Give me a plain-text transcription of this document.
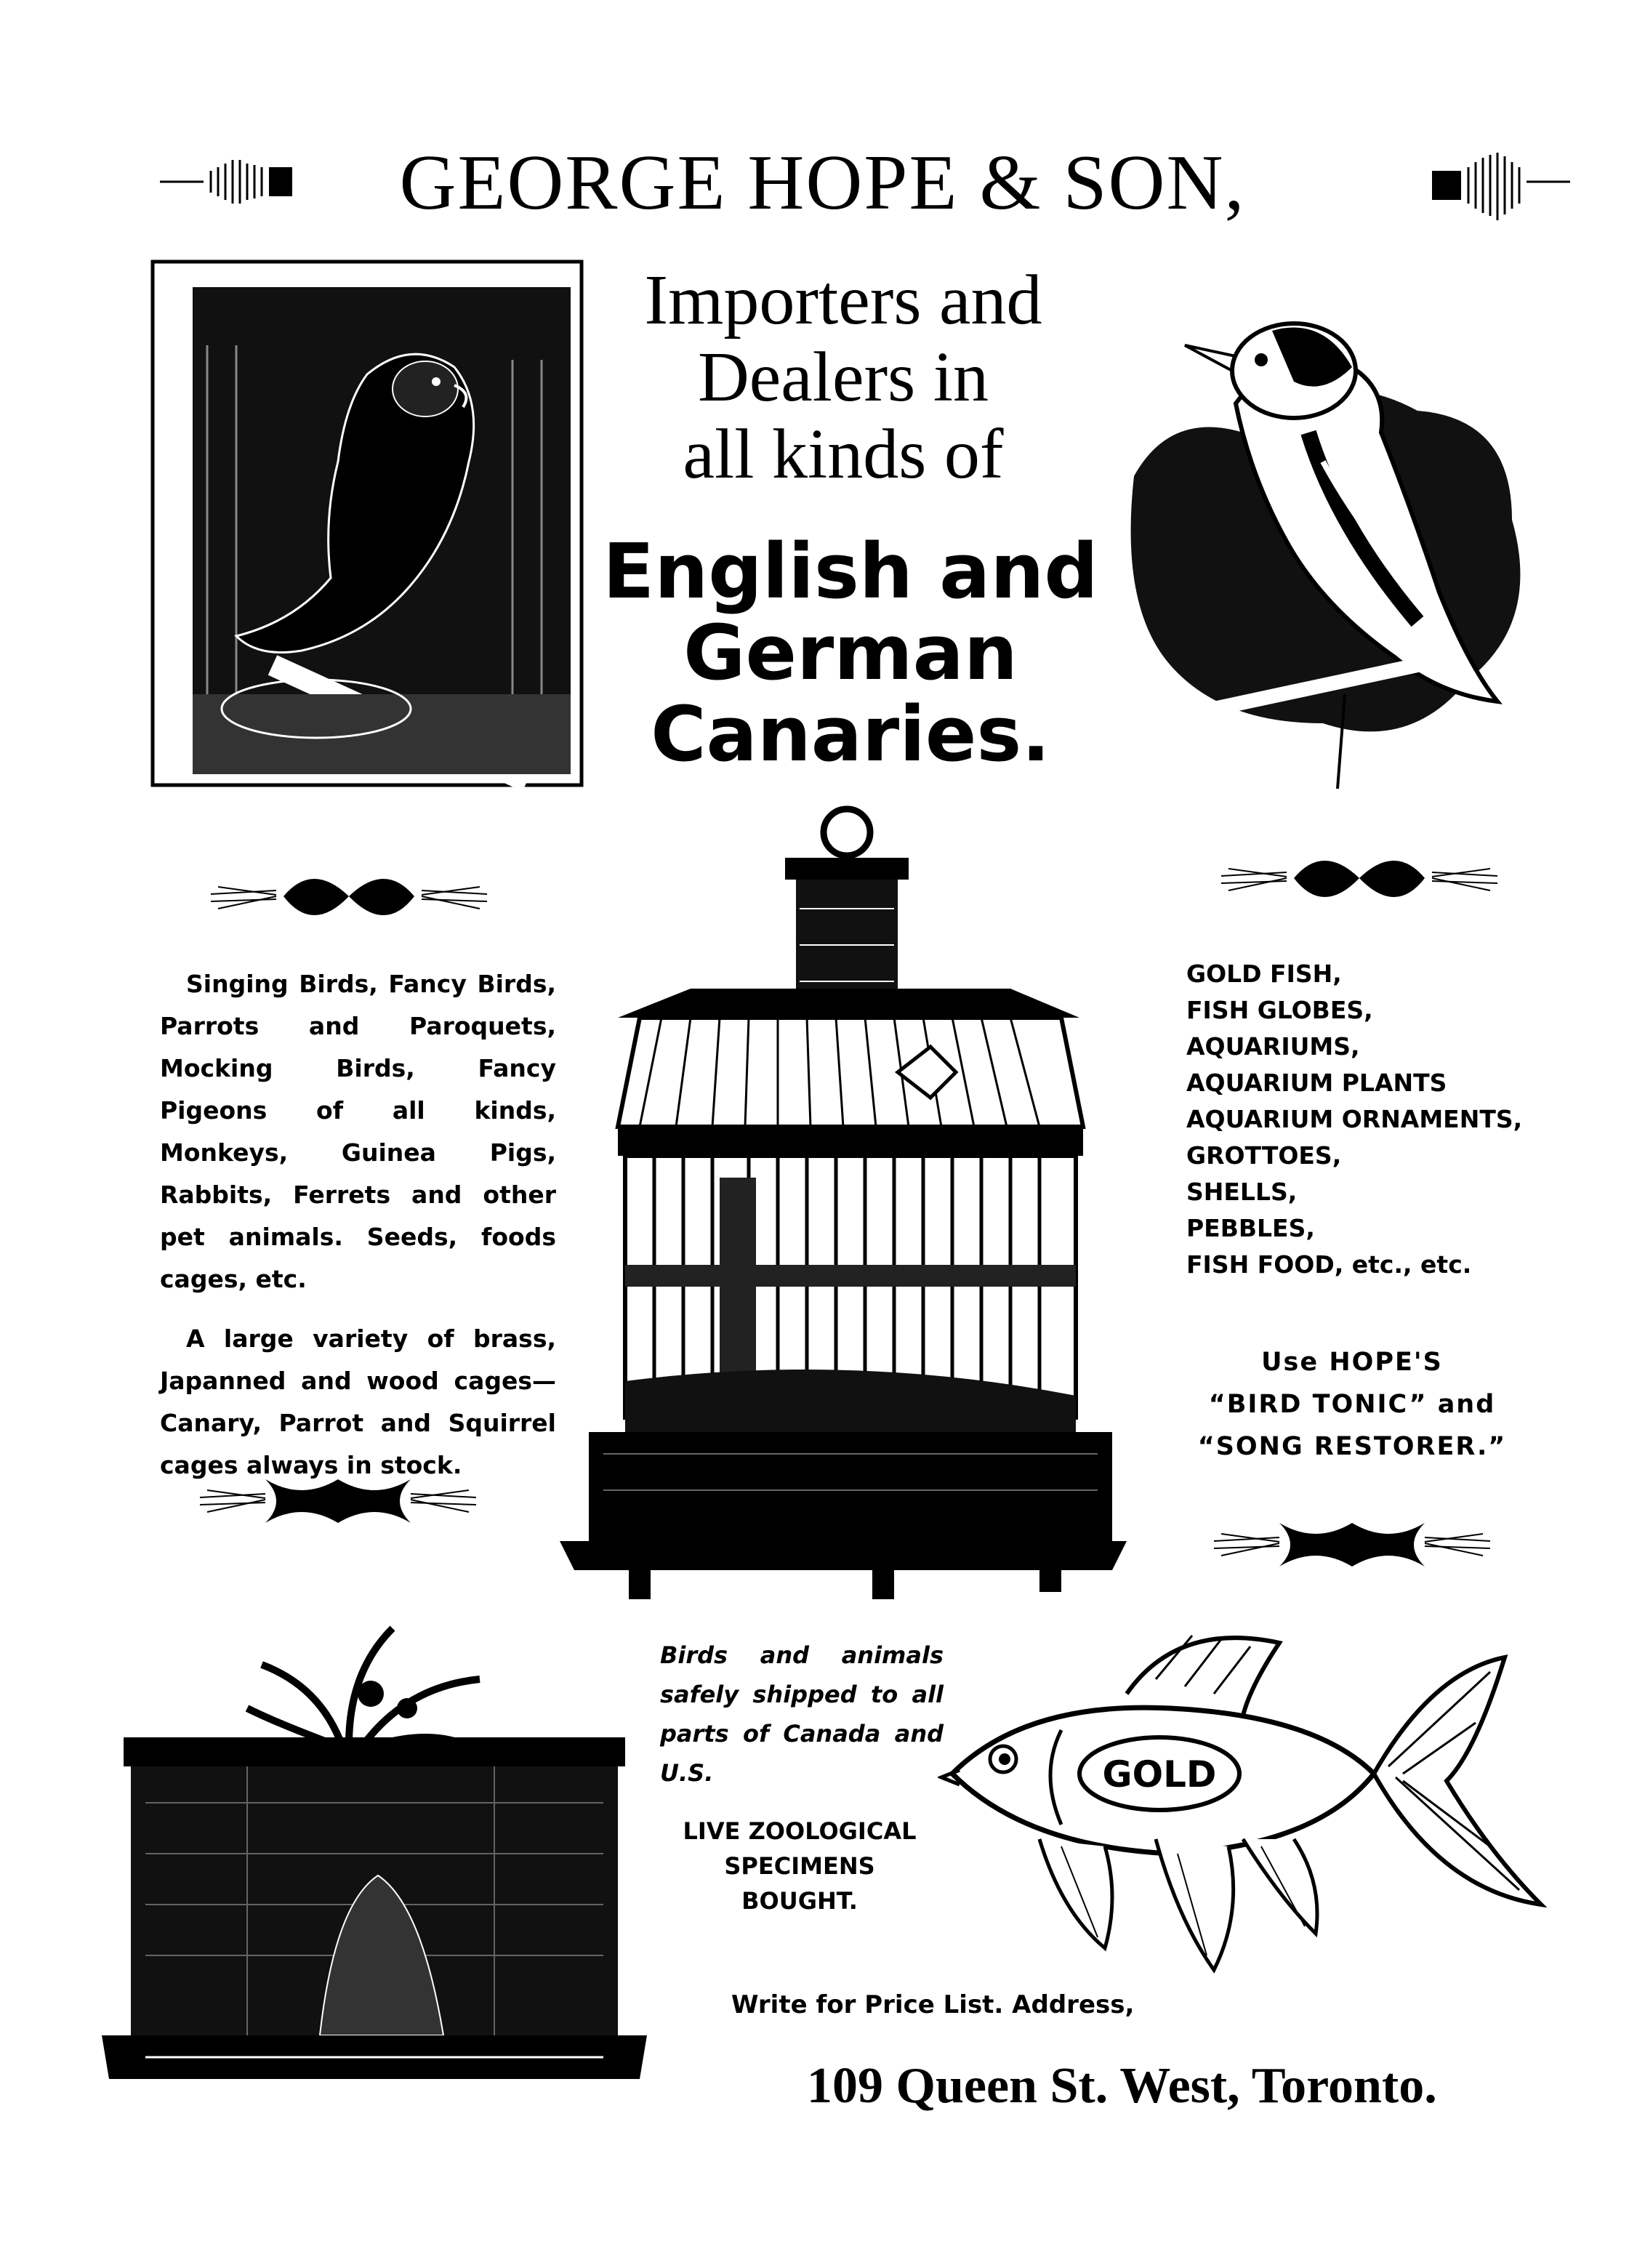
GEORGE HOPE & SON,
Importers and
Dealers in
all kinds of
English and
German
Canaries.

Singing Birds, Fancy Birds, Parrots and Paroquets, Mocking Birds, Fancy Pigeons of all kinds, Monkeys, Guinea Pigs, Rabbits, Ferrets and other pet animals. Seeds, foods cages, etc.

A large variety of brass, Japanned and wood cages—Canary, Parrot and Squirrel cages always in stock.

GOLD FISH,
FISH GLOBES,
AQUARIUMS,
AQUARIUM PLANTS
AQUARIUM ORNAMENTS,
GROTTOES,
SHELLS,
PEBBLES,
FISH FOOD, etc., etc.
Use HOPE'S
“BIRD TONIC” and
“SONG RESTORER.”
Birds and animals safely shipped to all parts of Canada and U.S.
LIVE ZOOLOGICAL
SPECIMENS
BOUGHT.
GOLD
Write for Price List. Address,
109 Queen St. West, Toronto.
